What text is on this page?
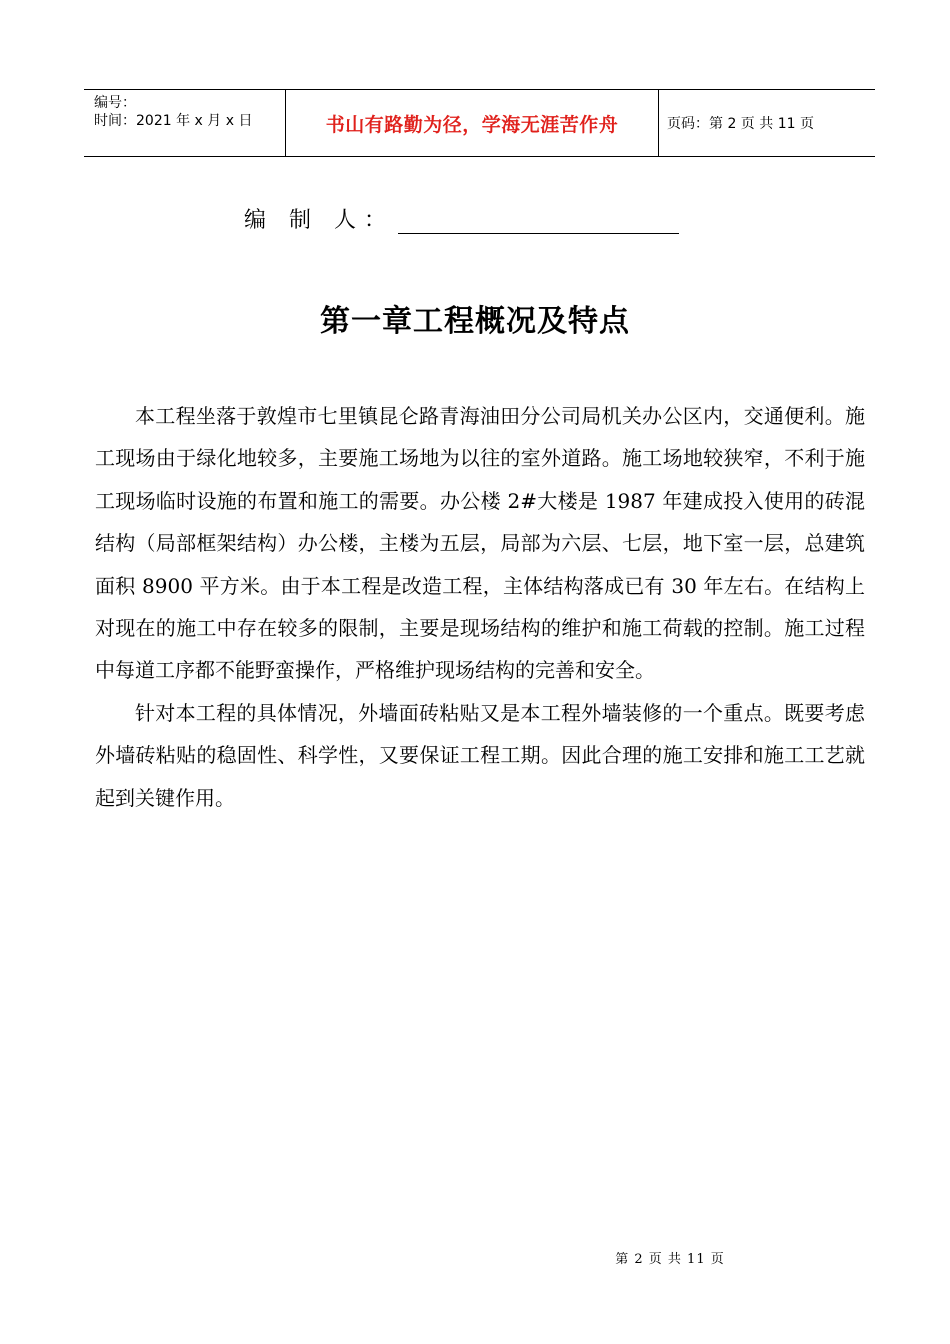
编号：
时间：2021 年 x 月 x 日	书山有路勤为径，学海无涯苦作舟	页码：第 2 页 共 11 页
编 制 人：
第一章工程概况及特点

本工程坐落于敦煌市七里镇昆仑路青海油田分公司局机关办公区内，交通便利。施工现场由于绿化地较多，主要施工场地为以往的室外道路。施工场地较狭窄，不利于施工现场临时设施的布置和施工的需要。办公楼 2#大楼是 1987 年建成投入使用的砖混结构（局部框架结构）办公楼，主楼为五层，局部为六层、七层，地下室一层，总建筑面积 8900 平方米。由于本工程是改造工程，主体结构落成已有 30 年左右。在结构上对现在的施工中存在较多的限制，主要是现场结构的维护和施工荷载的控制。施工过程中每道工序都不能野蛮操作，严格维护现场结构的完善和安全。

针对本工程的具体情况，外墙面砖粘贴又是本工程外墙装修的一个重点。既要考虑外墙砖粘贴的稳固性、科学性，又要保证工程工期。因此合理的施工安排和施工工艺就起到关键作用。

第 2 页 共 11 页
